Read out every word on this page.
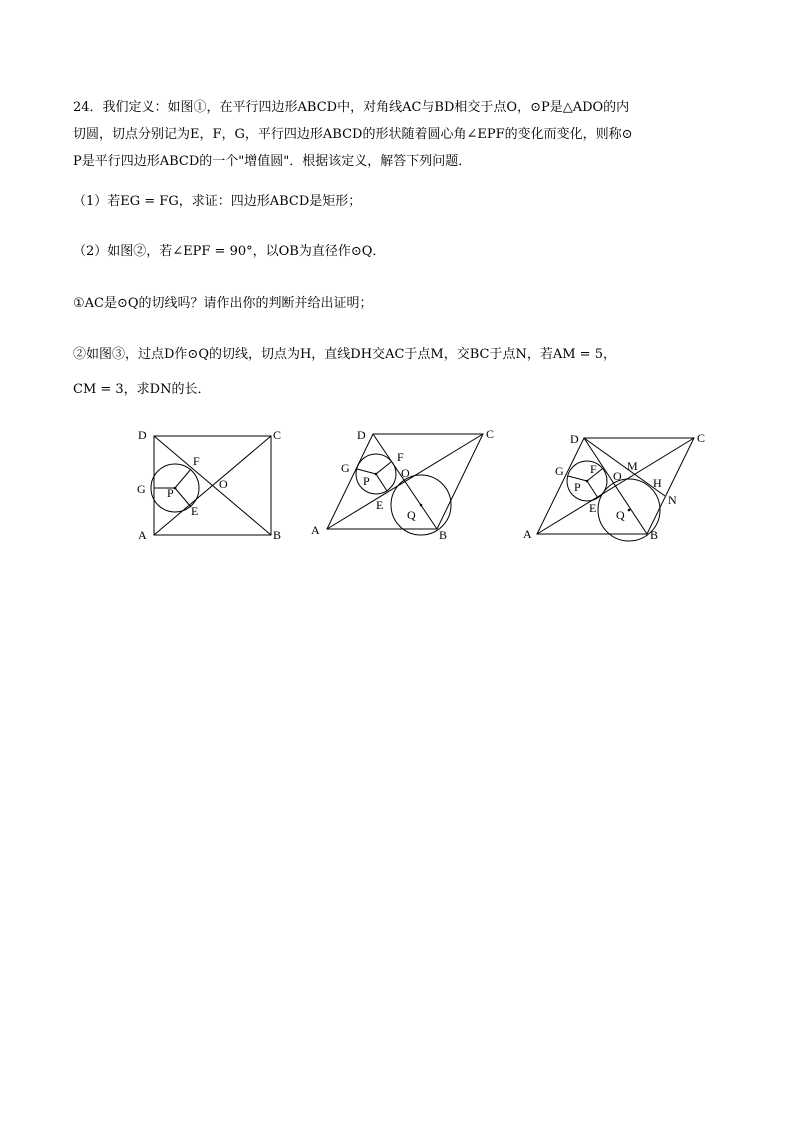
24．我们定义：如图①，在平行四边形ABCD中，对角线AC与BD相交于点O，⊙P是△ADO的内
切圆，切点分别记为E，F，G，平行四边形ABCD的形状随着圆心角∠EPF的变化而变化，则称⊙
P是平行四边形ABCD的一个"增值圆"．根据该定义，解答下列问题．
（1）若EG = FG，求证：四边形ABCD是矩形；
（2）如图②，若∠EPF = 90°，以OB为直径作⊙Q．
①AC是⊙Q的切线吗？请作出你的判断并给出证明；
②如图③，过点D作⊙Q的切线，切点为H，直线DH交AC于点M，交BC于点N，若AM = 5，
CM = 3，求DN的长．
D	C
G
F
P
O
E
A	B
D	C
G
F
P
O
E
Q
A	B
D	C
G F	M
P
O	H
E
N
Q
A	B
